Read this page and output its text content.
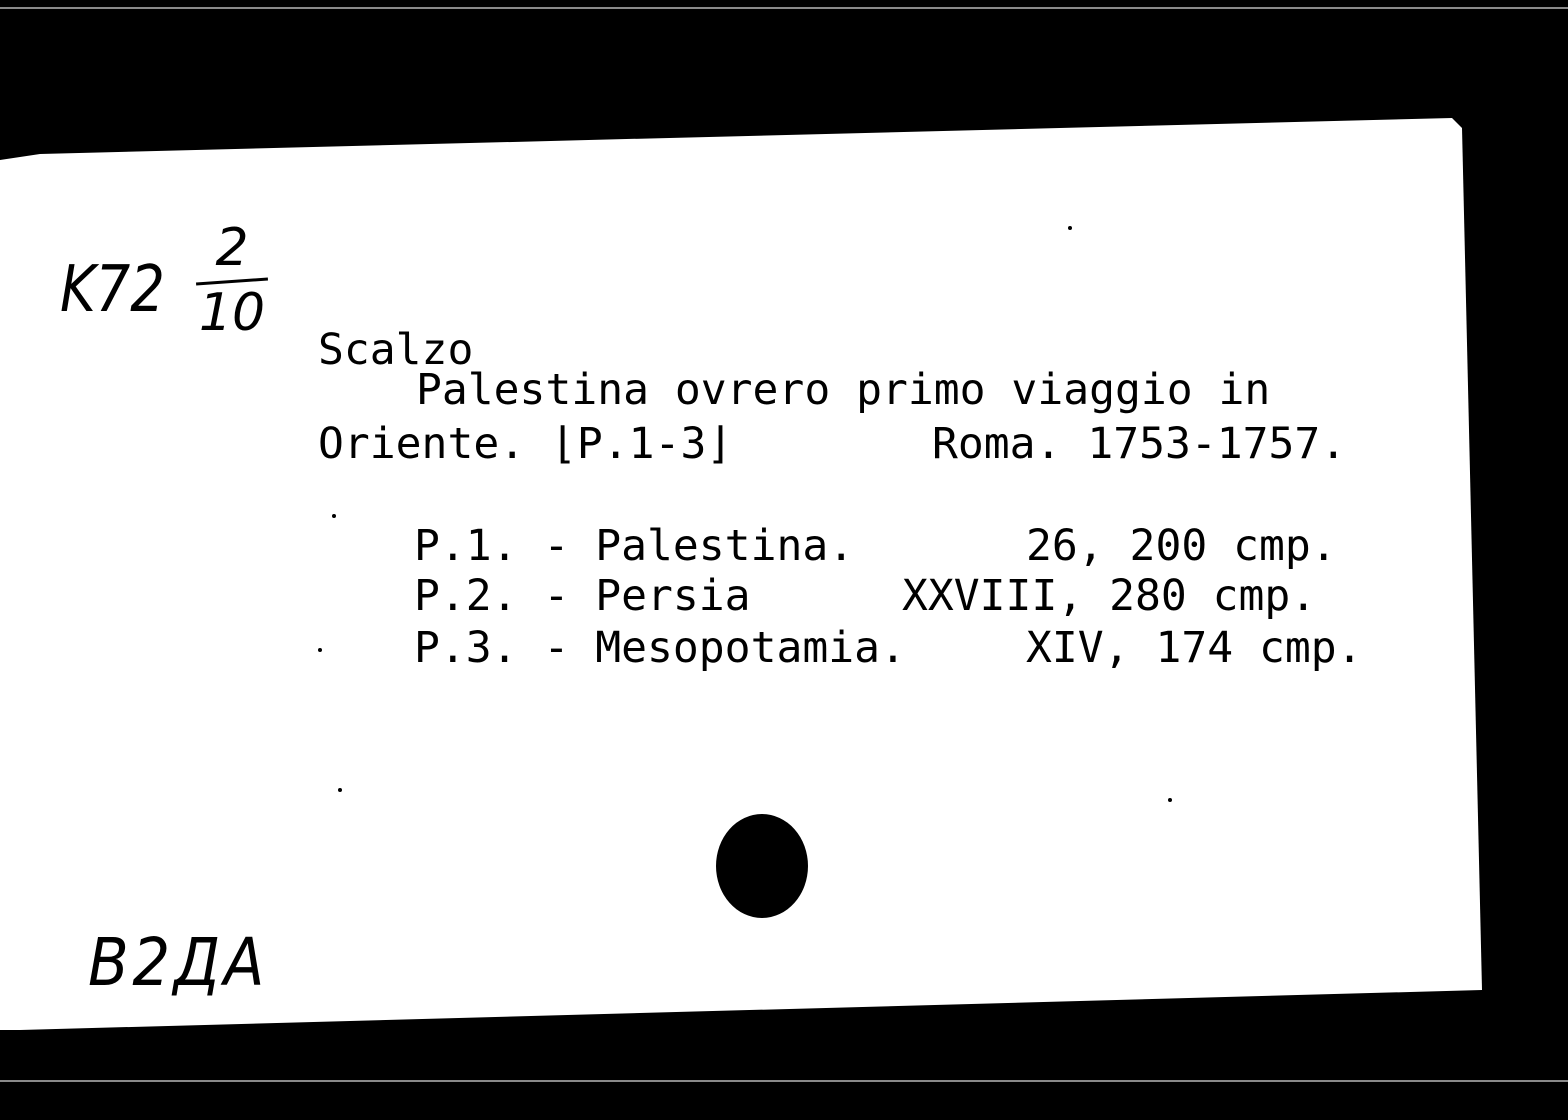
K72
2
10
Scalzo
Palestina ovrero primo viaggio in
Oriente. ⌊P.1-3⌋	Roma. 1753-1757.
P.1. - Palestina.	26, 200 cmp.
P.2. - Persia	XXVIII, 280 cmp.
P.3. - Mesopotamia.	XIV, 174 cmp.
B2ДA
